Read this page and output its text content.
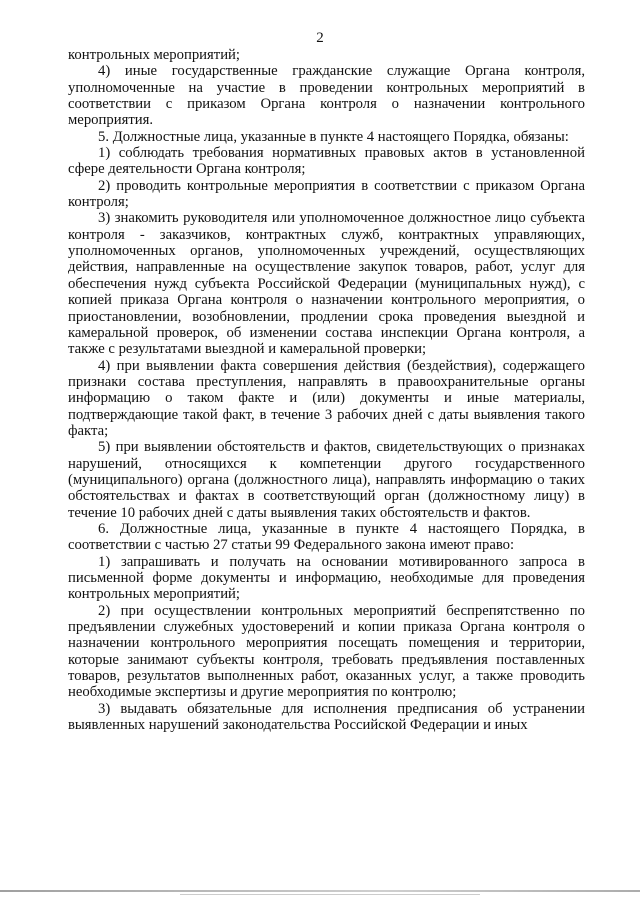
2

контрольных мероприятий;

4) иные государственные гражданские служащие Органа контроля, уполномоченные на участие в проведении контрольных мероприятий в соответствии с приказом Органа контроля о назначении контрольного мероприятия.

5. Должностные лица, указанные в пункте 4 настоящего Порядка, обязаны:

1) соблюдать требования нормативных правовых актов в установленной сфере деятельности Органа контроля;

2) проводить контрольные мероприятия в соответствии с приказом Органа контроля;

3) знакомить руководителя или уполномоченное должностное лицо субъекта контроля - заказчиков, контрактных служб, контрактных управляющих, уполномоченных органов, уполномоченных учреждений, осуществляющих действия, направленные на осуществление закупок товаров, работ, услуг для обеспечения нужд субъекта Российской Федерации (муниципальных нужд), с копией приказа Органа контроля о назначении контрольного мероприятия, о приостановлении, возобновлении, продлении срока проведения выездной и камеральной проверок, об изменении состава инспекции Органа контроля, а также с результатами выездной и камеральной проверки;

4) при выявлении факта совершения действия (бездействия), содержащего признаки состава преступления, направлять в правоохранительные органы информацию о таком факте и (или) документы и иные материалы, подтверждающие такой факт, в течение 3 рабочих дней с даты выявления такого факта;

5) при выявлении обстоятельств и фактов, свидетельствующих о признаках нарушений, относящихся к компетенции другого государственного (муниципального) органа (должностного лица), направлять информацию о таких обстоятельствах и фактах в соответствующий орган (должностному лицу) в течение 10 рабочих дней с даты выявления таких обстоятельств и фактов.

6. Должностные лица, указанные в пункте 4 настоящего Порядка, в соответствии с частью 27 статьи 99 Федерального закона имеют право:

1) запрашивать и получать на основании мотивированного запроса в письменной форме документы и информацию, необходимые для проведения контрольных мероприятий;

2) при осуществлении контрольных мероприятий беспрепятственно по предъявлении служебных удостоверений и копии приказа Органа контроля о назначении контрольного мероприятия посещать помещения и территории, которые занимают субъекты контроля, требовать предъявления поставленных товаров, результатов выполненных работ, оказанных услуг, а также проводить необходимые экспертизы и другие мероприятия по контролю;

3) выдавать обязательные для исполнения предписания об устранении выявленных нарушений законодательства Российской Федерации и иных
